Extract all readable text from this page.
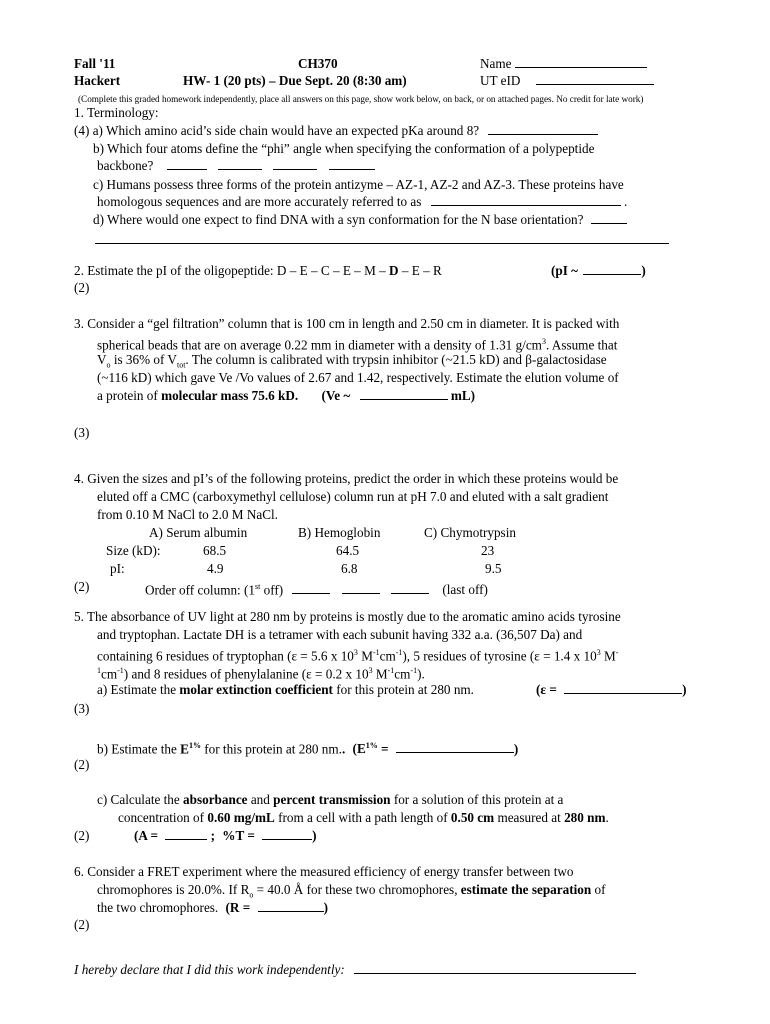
Fall '11	CH370	Name
Hackert	HW- 1 (20 pts) – Due Sept. 20 (8:30 am)	UT eID
(Complete this graded homework independently, place all answers on this page, show work below, on back, or on attached pages. No credit for late work)
1. Terminology:
(4) a) Which amino acid’s side chain would have an expected pKa around 8?
b) Which four atoms define the “phi” angle when specifying the conformation of a polypeptide
backbone?
c) Humans possess three forms of the protein antizyme – AZ-1, AZ-2 and AZ-3. These proteins have
homologous sequences and are more accurately referred to as	.
d) Where would one expect to find DNA with a syn conformation for the N base orientation?
2. Estimate the pI of the oligopeptide: D – E – C – E – M – D – E – R	(pI ~	)
(2)
3. Consider a “gel filtration” column that is 100 cm in length and 2.50 cm in diameter. It is packed with
spherical beads that are on average 0.22 mm in diameter with a density of 1.31 $g/cm^3$. Assume that
$V_o$ is 36% of $V_{tot}$. The column is calibrated with trypsin inhibitor (~21.5 kD) and β-galactosidase
(~116 kD) which gave Ve /Vo values of 2.67 and 1.42, respectively. Estimate the elution volume of
a protein of molecular mass 75.6 kD. (Ve ~	mL)
(3)
4. Given the sizes and pI’s of the following proteins, predict the order in which these proteins would be
eluted off a CMC (carboxymethyl cellulose) column run at pH 7.0 and eluted with a salt gradient
from 0.10 M NaCl to 2.0 M NaCl.
A) Serum albumin	B) Hemoglobin	C) Chymotrypsin
Size (kD):	68.5	64.5	23
pI:	4.9	6.8	9.5
(2)	Order off column: (1st off)	(last off)
5. The absorbance of UV light at 280 nm by proteins is mostly due to the aromatic amino acids tyrosine
and tryptophan. Lactate DH is a tetramer with each subunit having 332 a.a. (36,507 Da) and
containing 6 residues of tryptophan (ε = 5.6 x $10^3$ $M^{-1}cm^{-1}$), 5 residues of tyrosine (ε = 1.4 x $10^3$ M-
$^1cm^{-1}$) and 8 residues of phenylalanine (ε = 0.2 x $10^3$ $M^{-1}cm^{-1}$).
a) Estimate the molar extinction coefficient for this protein at 280 nm.	(ε =	)
(3)
b) Estimate the $E^{1\%}$ for this protein at 280 nm.. ($E^{1\%}$ =	)
(2)
c) Calculate the absorbance and percent transmission for a solution of this protein at a
concentration of 0.60 mg/mL from a cell with a path length of 0.50 cm measured at 280 nm.
(2)	(A =	; %T =	)
6. Consider a FRET experiment where the measured efficiency of energy transfer between two
chromophores is 20.0%. If $R_o = 40.0$ Å for these two chromophores, estimate the separation of
the two chromophores. (R =	)
(2)
I hereby declare that I did this work independently:
